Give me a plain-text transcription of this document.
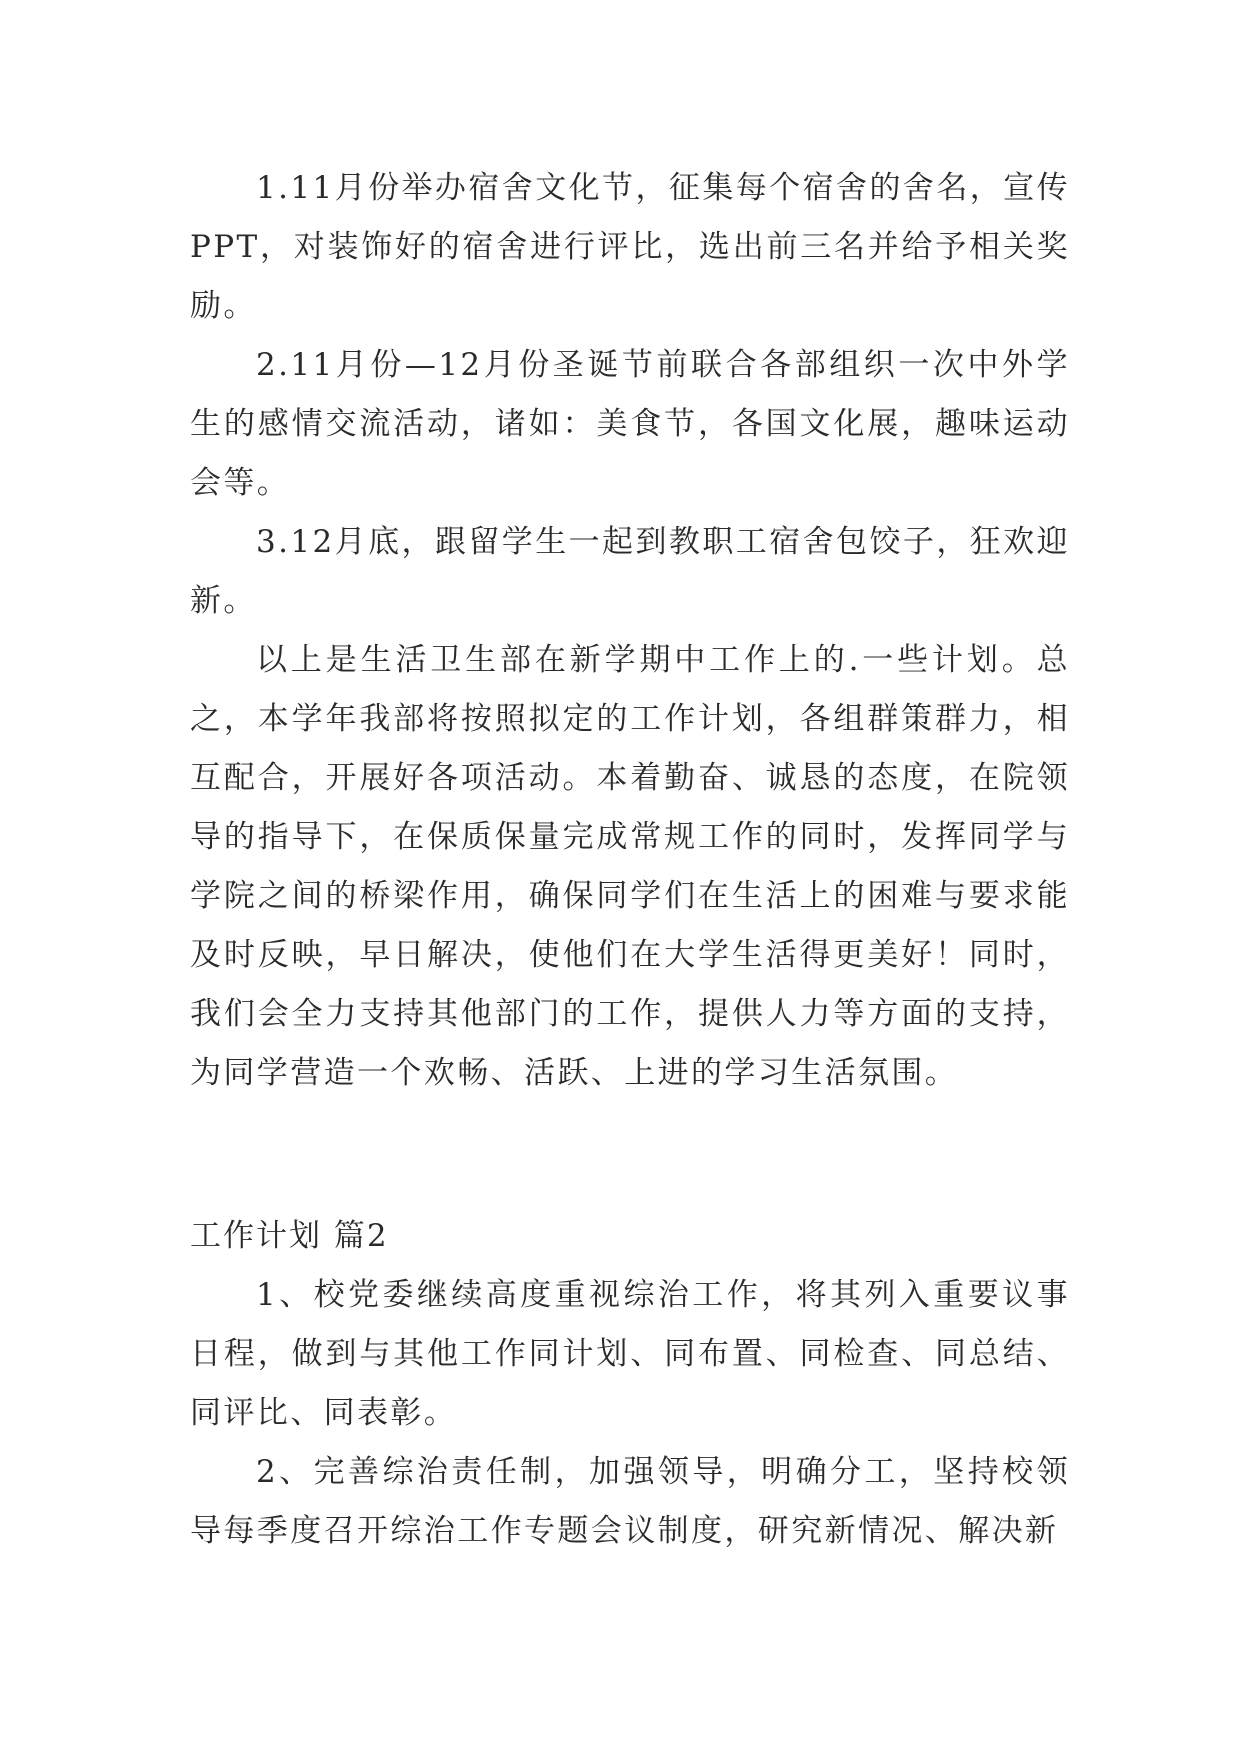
1.11月份举办宿舍文化节，征集每个宿舍的舍名，宣传PPT，对装饰好的宿舍进行评比，选出前三名并给予相关奖励。

2.11月份—12月份圣诞节前联合各部组织一次中外学生的感情交流活动，诸如：美食节，各国文化展，趣味运动会等。

3.12月底，跟留学生一起到教职工宿舍包饺子，狂欢迎新。

以上是生活卫生部在新学期中工作上的.一些计划。总之，本学年我部将按照拟定的工作计划，各组群策群力，相互配合，开展好各项活动。本着勤奋、诚恳的态度，在院领导的指导下，在保质保量完成常规工作的同时，发挥同学与学院之间的桥梁作用，确保同学们在生活上的困难与要求能及时反映，早日解决，使他们在大学生活得更美好！同时，我们会全力支持其他部门的工作，提供人力等方面的支持，为同学营造一个欢畅、活跃、上进的学习生活氛围。

工作计划 篇2

1、校党委继续高度重视综治工作，将其列入重要议事日程，做到与其他工作同计划、同布置、同检查、同总结、同评比、同表彰。

2、完善综治责任制，加强领导，明确分工，坚持校领导每季度召开综治工作专题会议制度，研究新情况、解决新
